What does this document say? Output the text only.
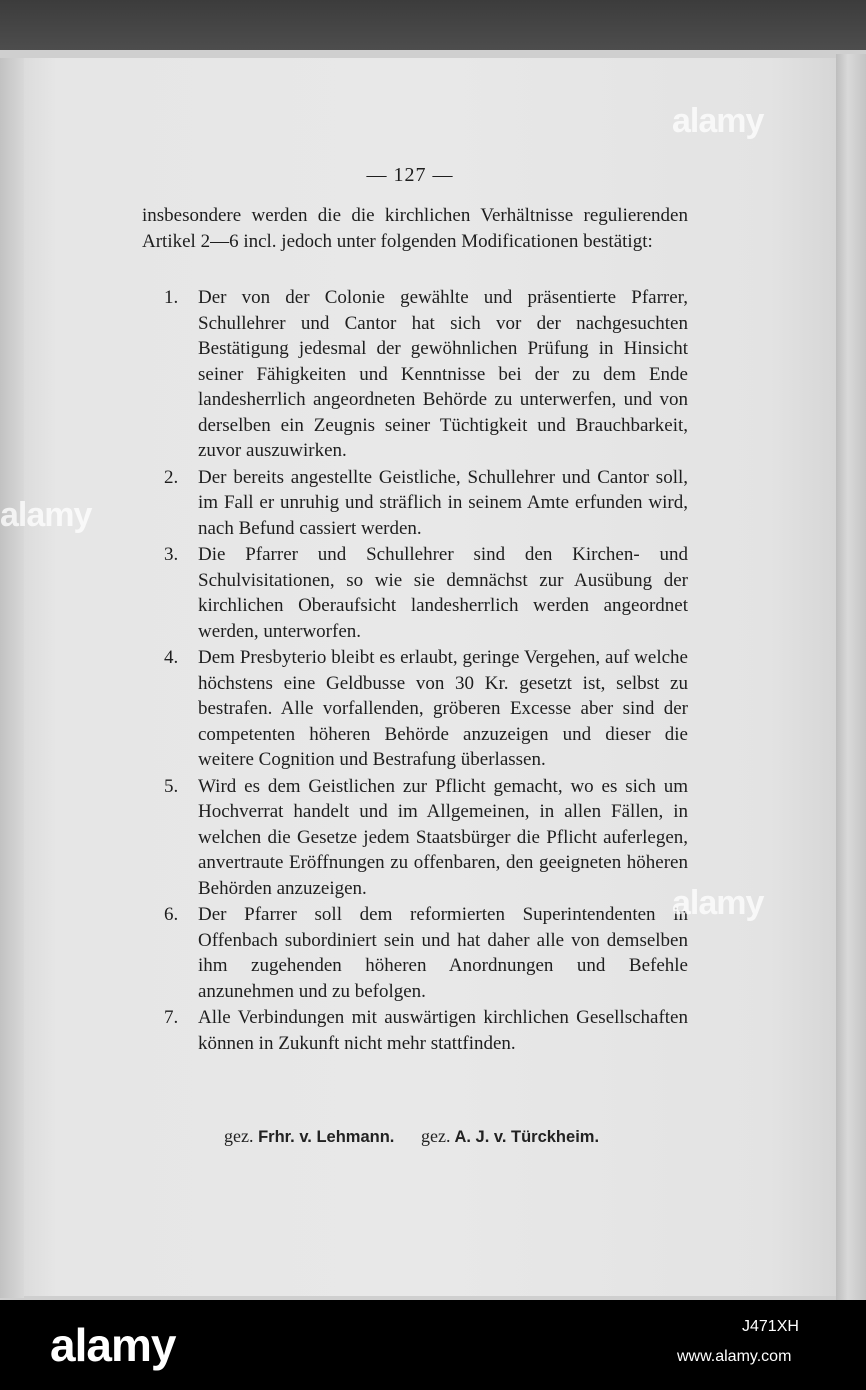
— 127 —

insbesondere werden die die kirchlichen Verhältnisse regulierenden Artikel 2—6 incl. jedoch unter folgenden Modificationen bestätigt:

1. Der von der Colonie gewählte und präsentierte Pfarrer, Schullehrer und Cantor hat sich vor der nachgesuchten Bestätigung jedesmal der gewöhnlichen Prüfung in Hinsicht seiner Fähigkeiten und Kenntnisse bei der zu dem Ende landesherrlich angeordneten Behörde zu unterwerfen, und von derselben ein Zeugnis seiner Tüchtigkeit und Brauchbarkeit, zuvor auszuwirken.
2. Der bereits angestellte Geistliche, Schullehrer und Cantor soll, im Fall er unruhig und sträflich in seinem Amte erfunden wird, nach Befund cassiert werden.
3. Die Pfarrer und Schullehrer sind den Kirchen- und Schulvisitationen, so wie sie demnächst zur Ausübung der kirchlichen Oberaufsicht landesherrlich werden angeordnet werden, unterworfen.
4. Dem Presbyterio bleibt es erlaubt, geringe Vergehen, auf welche höchstens eine Geldbusse von 30 Kr. gesetzt ist, selbst zu bestrafen. Alle vorfallenden, gröberen Excesse aber sind der competenten höheren Behörde anzuzeigen und dieser die weitere Cognition und Bestrafung überlassen.
5. Wird es dem Geistlichen zur Pflicht gemacht, wo es sich um Hochverrat handelt und im Allgemeinen, in allen Fällen, in welchen die Gesetze jedem Staatsbürger die Pflicht auferlegen, anvertraute Eröffnungen zu offenbaren, den geeigneten höheren Behörden anzuzeigen.
6. Der Pfarrer soll dem reformierten Superintendenten in Offenbach subordiniert sein und hat daher alle von demselben ihm zugehenden höheren Anordnungen und Befehle anzunehmen und zu befolgen.
7. Alle Verbindungen mit auswärtigen kirchlichen Gesellschaften können in Zukunft nicht mehr stattfinden.
gez. Frhr. v. Lehmann. gez. A. J. v. Türckheim.
alamy
alamy
alamy
alamy	J471XH
www.alamy.com
